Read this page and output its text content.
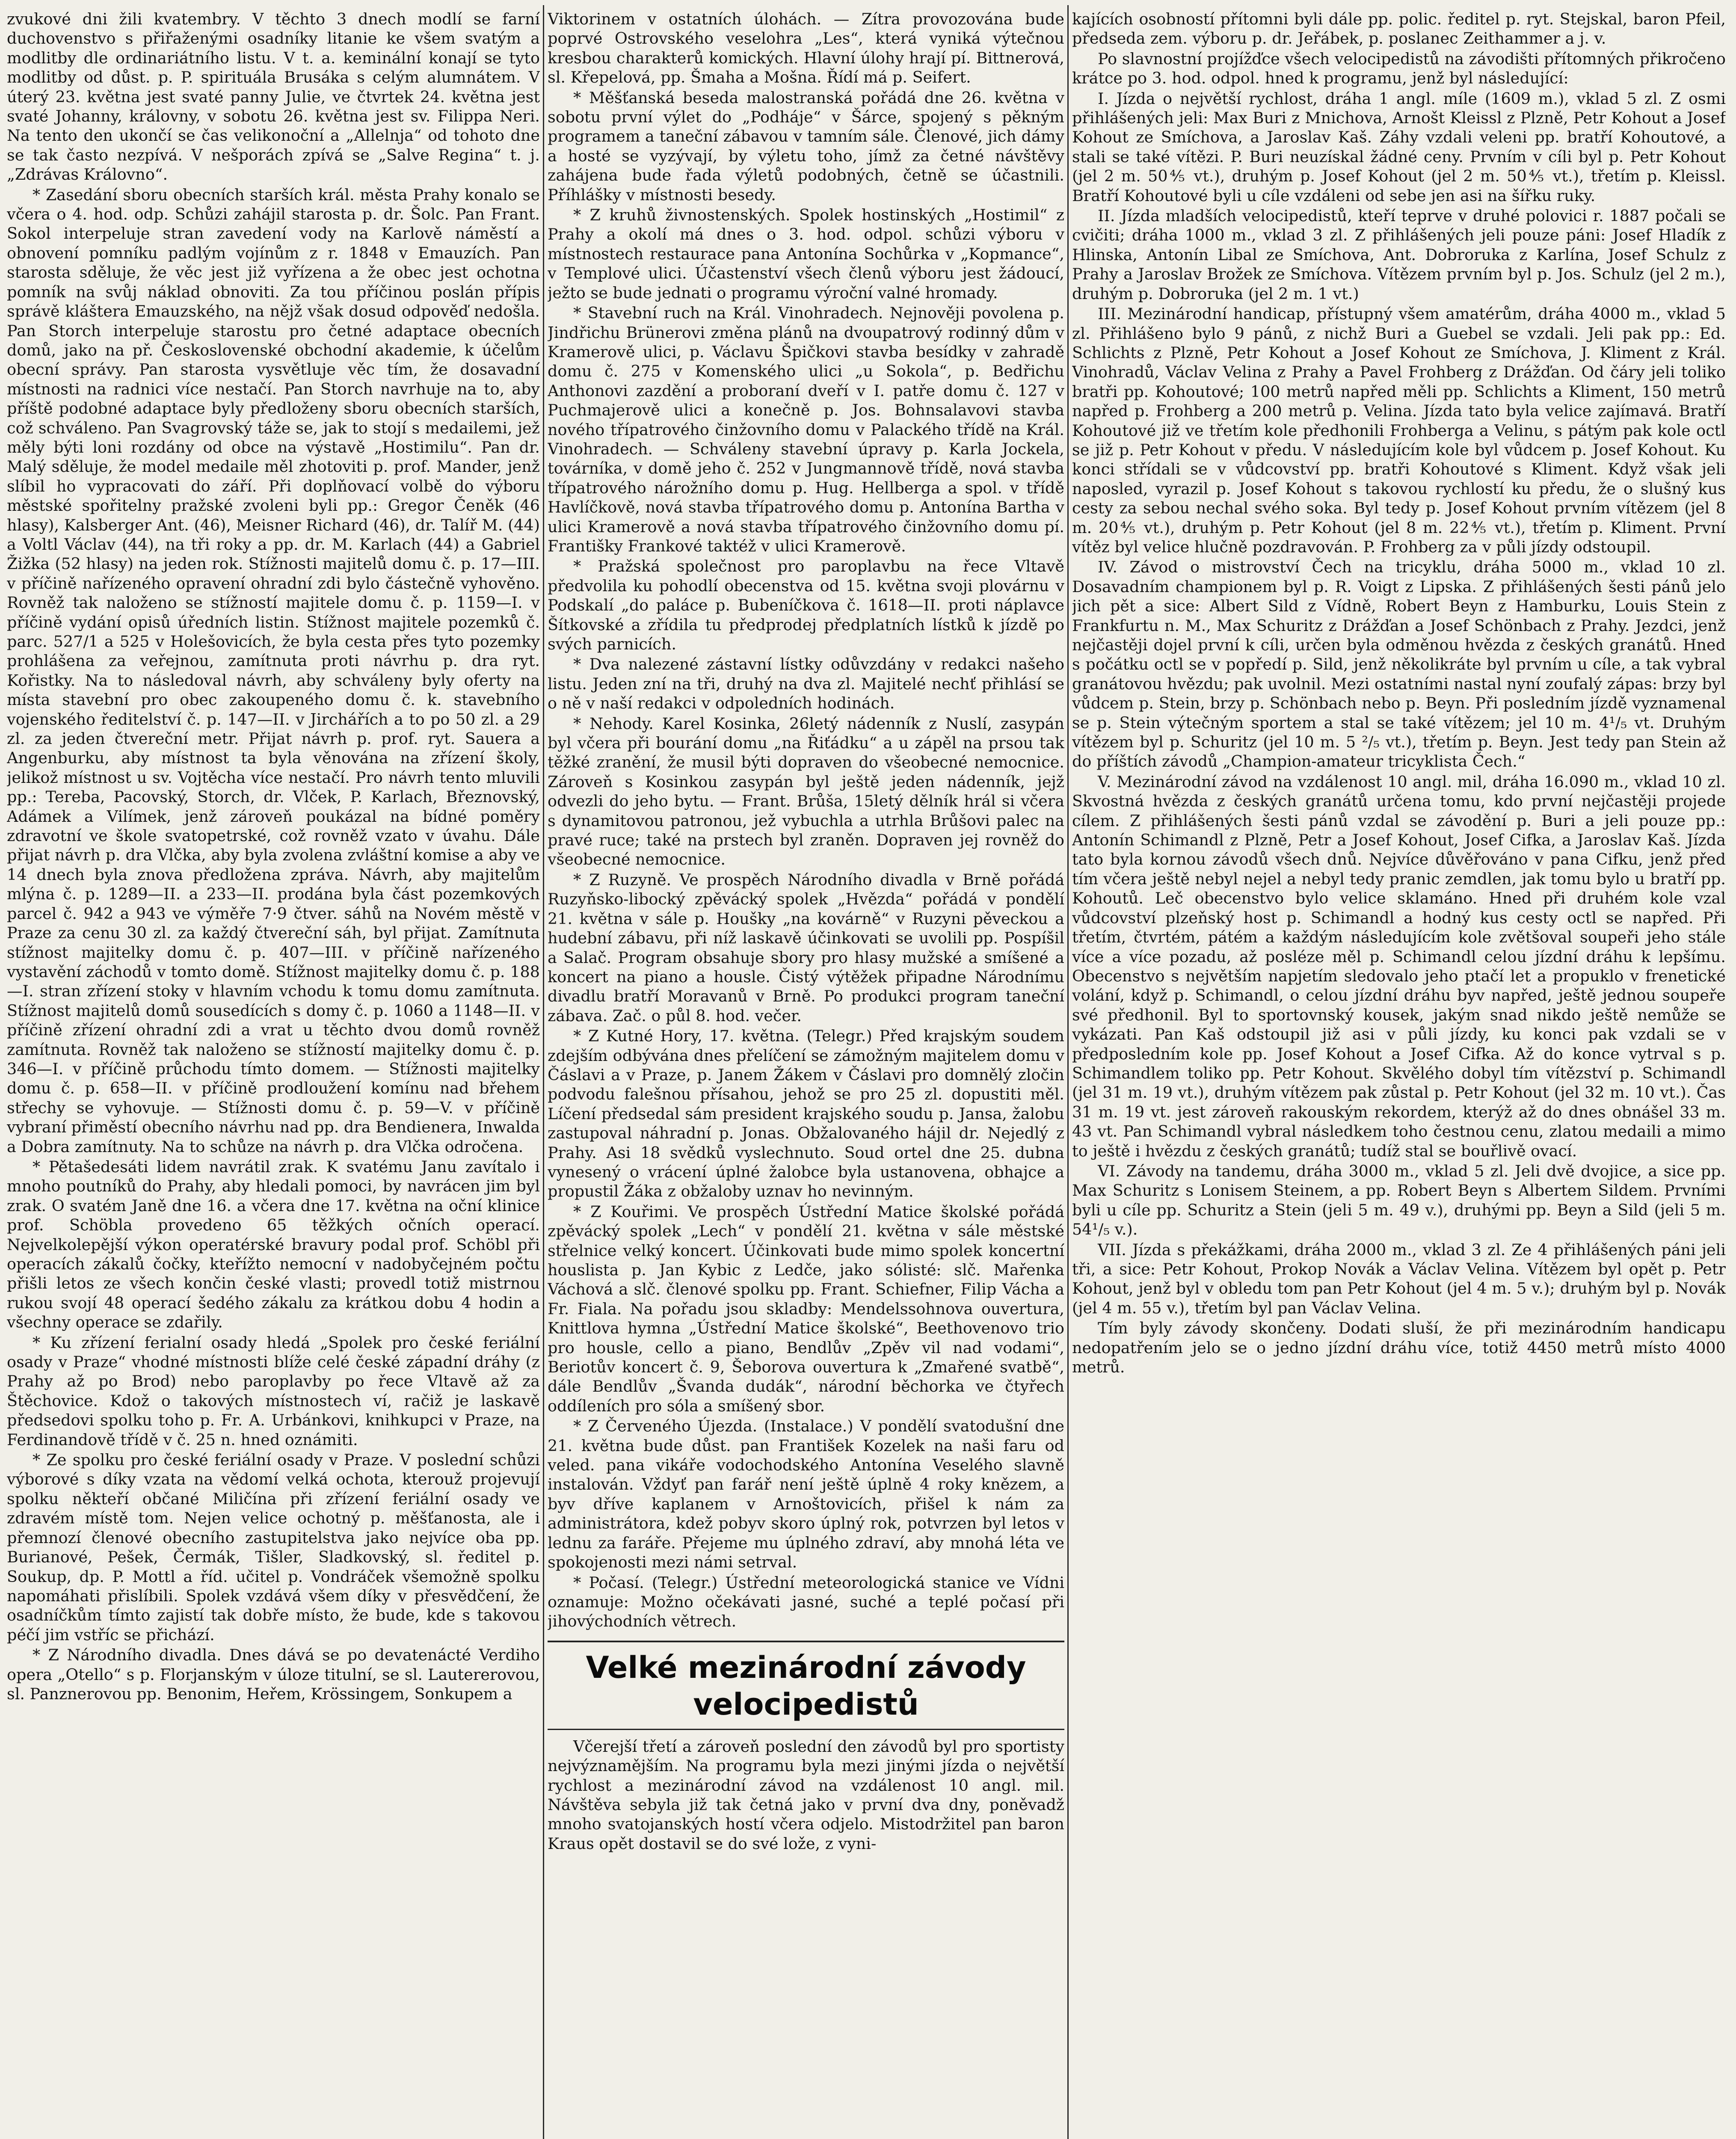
zvukové dni žili kvatembry. V těchto 3 dnech modlí se farní duchovenstvo s přiřaženými osadníky litanie ke všem svatým a modlitby dle ordinariátního listu. V t. a. keminální konají se tyto modlitby od důst. p. P. spirituála Brusáka s celým alumnátem. V úterý 23. května jest svaté panny Julie, ve čtvrtek 24. května jest svaté Johanny, královny, v sobotu 26. května jest sv. Filippa Neri. Na tento den ukončí se čas velikonoční a „Allelnja“ od tohoto dne se tak často nezpívá. V nešporách zpívá se „Salve Regina“ t. j. „Zdrávas Královno“.

* Zasedání sboru obecních starších král. města Prahy konalo se včera o 4. hod. odp. Schůzi zahájil starosta p. dr. Šolc. Pan Frant. Sokol interpeluje stran zavedení vody na Karlově náměstí a obnovení pomníku padlým vojínům z r. 1848 v Emauzích. Pan starosta sděluje, že věc jest již vyřízena a že obec jest ochotna pomník na svůj náklad obnoviti. Za tou příčinou poslán přípis správě kláštera Emauzského, na nějž však dosud odpověď nedošla. Pan Storch interpeluje starostu pro četné adaptace obecních domů, jako na př. Československé obchodní akademie, k účelům obecní správy. Pan starosta vysvětluje věc tím, že dosavadní místnosti na radnici více nestačí. Pan Storch navrhuje na to, aby příště podobné adaptace byly předloženy sboru obecních starších, což schváleno. Pan Svagrovský táže se, jak to stojí s medailemi, jež měly býti loni rozdány od obce na výstavě „Hostimilu“. Pan dr. Malý sděluje, že model medaile měl zhotoviti p. prof. Mander, jenž slíbil ho vypracovati do září. Při doplňovací volbě do výboru městské spořitelny pražské zvoleni byli pp.: Gregor Čeněk (46 hlasy), Kalsberger Ant. (46), Meisner Richard (46), dr. Talíř M. (44) a Voltl Václav (44), na tři roky a pp. dr. M. Karlach (44) a Gabriel Žižka (52 hlasy) na jeden rok. Stížnosti majitelů domu č. p. 17—III. v příčině nařízeného opravení ohradní zdi bylo částečně vyhověno. Rovněž tak naloženo se stížností majitele domu č. p. 1159—I. v příčině vydání opisů úředních listin. Stížnost majitele pozemků č. parc. 527/1 a 525 v Holešovicích, že byla cesta přes tyto pozemky prohlášena za veřejnou, zamítnuta proti návrhu p. dra ryt. Kořistky. Na to následoval návrh, aby schváleny byly oferty na místa stavební pro obec zakoupeného domu č. k. stavebního vojenského ředitelství č. p. 147—II. v Jirchářích a to po 50 zl. a 29 zl. za jeden čtvereční metr. Přijat návrh p. prof. ryt. Sauera a Angenburku, aby místnost ta byla věnována na zřízení školy, jelikož místnost u sv. Vojtěcha více nestačí. Pro návrh tento mluvili pp.: Tereba, Pacovský, Storch, dr. Vlček, P. Karlach, Březnovský, Adámek a Vilímek, jenž zároveň poukázal na bídné poměry zdravotní ve škole svatopetrské, což rovněž vzato v úvahu. Dále přijat návrh p. dra Vlčka, aby byla zvolena zvláštní komise a aby ve 14 dnech byla znova předložena zpráva. Návrh, aby majitelům mlýna č. p. 1289—II. a 233—II. prodána byla část pozemkových parcel č. 942 a 943 ve výměře 7·9 čtver. sáhů na Novém městě v Praze za cenu 30 zl. za každý čtvereční sáh, byl přijat. Zamítnuta stížnost majitelky domu č. p. 407—III. v příčině nařízeného vystavění záchodů v tomto domě. Stížnost majitelky domu č. p. 188—I. stran zřízení stoky v hlavním vchodu k tomu domu zamítnuta. Stížnost majitelů domů sousedících s domy č. p. 1060 a 1148—II. v příčině zřízení ohradní zdi a vrat u těchto dvou domů rovněž zamítnuta. Rovněž tak naloženo se stížností majitelky domu č. p. 346—I. v příčině průchodu tímto domem. — Stížnosti majitelky domu č. p. 658—II. v příčině prodloužení komínu nad břehem střechy se vyhovuje. — Stížnosti domu č. p. 59—V. v příčině vybraní přiměstí obecního návrhu nad pp. dra Bendienera, Inwalda a Dobra zamítnuty. Na to schůze na návrh p. dra Vlčka odročena.

* Pětašedesáti lidem navrátil zrak. K svatému Janu zavítalo i mnoho poutníků do Prahy, aby hledali pomoci, by navrácen jim byl zrak. O svatém Janě dne 16. a včera dne 17. května na oční klinice prof. Schöbla provedeno 65 těžkých očních operací. Nejvelkolepější výkon operatérské bravury podal prof. Schöbl při operacích zákalů čočky, kteřížto nemocní v nadobyčejném počtu přišli letos ze všech končin české vlasti; provedl totiž mistrnou rukou svojí 48 operací šedého zákalu za krátkou dobu 4 hodin a všechny operace se zdařily.

* Ku zřízení ferialní osady hledá „Spolek pro české feriální osady v Praze“ vhodné místnosti blíže celé české západní dráhy (z Prahy až po Brod) nebo paroplavby po řece Vltavě až za Štěchovice. Kdož o takových místnostech ví, račiž je laskavě předsedovi spolku toho p. Fr. A. Urbánkovi, knihkupci v Praze, na Ferdinandově třídě v č. 25 n. hned oznámiti.

* Ze spolku pro české feriální osady v Praze. V poslední schůzi výborové s díky vzata na vědomí velká ochota, kterouž projevují spolku někteří občané Miličína při zřízení feriální osady ve zdravém místě tom. Nejen velice ochotný p. měšťanosta, ale i přemnozí členové obecního zastupitelstva jako nejvíce oba pp. Burianové, Pešek, Čermák, Tišler, Sladkovský, sl. ředitel p. Soukup, dp. P. Mottl a říd. učitel p. Vondráček všemožně spolku napomáhati přislíbili. Spolek vzdává všem díky v přesvědčení, že osadníčkům tímto zajistí tak dobře místo, že bude, kde s takovou péčí jim vstříc se přichází.

* Z Národního divadla. Dnes dává se po devatenácté Verdiho opera „Otello“ s p. Florjanským v úloze titulní, se sl. Lautererovou, sl. Panznerovou pp. Benonim, Heřem, Krössingem, Sonkupem a

Viktorinem v ostatních úlohách. — Zítra provozována bude poprvé Ostrovského veselohra „Les“, která vyniká výtečnou kresbou charakterů komických. Hlavní úlohy hrají pí. Bittnerová, sl. Křepelová, pp. Šmaha a Mošna. Řídí má p. Seifert.

* Měšťanská beseda malostranská pořádá dne 26. května v sobotu první výlet do „Podháje“ v Šárce, spojený s pěkným programem a taneční zábavou v tamním sále. Členové, jich dámy a hosté se vyzývají, by výletu toho, jímž za četné návštěvy zahájena bude řada výletů podobných, četně se účastnili. Příhlášky v místnosti besedy.

* Z kruhů živnostenských. Spolek hostinských „Hostimil“ z Prahy a okolí má dnes o 3. hod. odpol. schůzi výboru v místnostech restaurace pana Antonína Sochůrka v „Kopmance“, v Templové ulici. Účastenství všech členů výboru jest žádoucí, ježto se bude jednati o programu výroční valné hromady.

* Stavební ruch na Král. Vinohradech. Nejnověji povolena p. Jindřichu Brünerovi změna plánů na dvoupatrový rodinný dům v Kramerově ulici, p. Václavu Špičkovi stavba besídky v zahradě domu č. 275 v Komenského ulici „u Sokola“, p. Bedřichu Anthonovi zazdění a proboraní dveří v I. patře domu č. 127 v Puchmajerově ulici a konečně p. Jos. Bohnsalavovi stavba nového třípatrového činžovního domu v Palackého třídě na Král. Vinohradech. — Schváleny stavební úpravy p. Karla Jockela, továrníka, v domě jeho č. 252 v Jungmannově třídě, nová stavba třípatrového nárožního domu p. Hug. Hellberga a spol. v třídě Havlíčkově, nová stavba třípatrového domu p. Antonína Bartha v ulici Kramerově a nová stavba třípatrového činžovního domu pí. Františky Frankové taktéž v ulici Kramerově.

* Pražská společnost pro paroplavbu na řece Vltavě předvolila ku pohodlí obecenstva od 15. května svoji plovárnu v Podskalí „do paláce p. Bubeníčkova č. 1618—II. proti náplavce Šítkovské a zřídila tu předprodej předplatních lístků k jízdě po svých parnicích.

* Dva nalezené zástavní lístky odůvzdány v redakci našeho listu. Jeden zní na tři, druhý na dva zl. Majitelé nechť přihlásí se o ně v naší redakci v odpoledních hodinách.

* Nehody. Karel Kosinka, 26letý nádenník z Nuslí, zasypán byl včera při bourání domu „na Řiťádku“ a u zápěl na prsou tak těžké zranění, že musil býti dopraven do všeobecné nemocnice. Zároveň s Kosinkou zasypán byl ještě jeden nádenník, jejž odvezli do jeho bytu. — Frant. Brůša, 15letý dělník hrál si včera s dynamitovou patronou, jež vybuchla a utrhla Brůšovi palec na pravé ruce; také na prstech byl zraněn. Dopraven jej rovněž do všeobecné nemocnice.

* Z Ruzyně. Ve prospěch Národního divadla v Brně pořádá Ruzyňsko-libocký zpěvácký spolek „Hvězda“ pořádá v pondělí 21. května v sále p. Houšky „na kovárně“ v Ruzyni pěveckou a hudební zábavu, při níž laskavě účinkovati se uvolili pp. Pospíšil a Salač. Program obsahuje sbory pro hlasy mužské a smíšené a koncert na piano a housle. Čistý výtěžek připadne Národnímu divadlu bratří Moravanů v Brně. Po produkci program taneční zábava. Zač. o půl 8. hod. večer.

* Z Kutné Hory, 17. května. (Telegr.) Před krajským soudem zdejším odbývána dnes přelíčení se zámožným majitelem domu v Čáslavi a v Praze, p. Janem Žákem v Čáslavi pro domnělý zločin podvodu falešnou přísahou, jehož se pro 25 zl. dopustiti měl. Líčení předsedal sám president krajského soudu p. Jansa, žalobu zastupoval náhradní p. Jonas. Obžalovaného hájil dr. Nejedlý z Prahy. Asi 18 svědků vyslechnuto. Soud ortel dne 25. dubna vynesený o vrácení úplné žalobce byla ustanovena, obhajce a propustil Žáka z obžaloby uznav ho nevinným.

* Z Kouřimi. Ve prospěch Ústřední Matice školské pořádá zpěvácký spolek „Lech“ v pondělí 21. května v sále městské střelnice velký koncert. Účinkovati bude mimo spolek koncertní houslista p. Jan Kybic z Ledče, jako sólisté: slč. Mařenka Váchová a slč. členové spolku pp. Frant. Schiefner, Filip Vácha a Fr. Fiala. Na pořadu jsou skladby: Mendelssohnova ouvertura, Knittlova hymna „Ústřední Matice školské“, Beethovenovo trio pro housle, cello a piano, Bendlův „Zpěv vil nad vodami“, Beriotův koncert č. 9, Šeborova ouvertura k „Zmařené svatbě“, dále Bendlův „Švanda dudák“, národní běchorka ve čtyřech oddíleních pro sóla a smíšený sbor.

* Z Červeného Újezda. (Instalace.) V pondělí svatodušní dne 21. května bude důst. pan František Kozelek na naši faru od veled. pana vikáře vodochodského Antonína Veselého slavně instalován. Vždyť pan farář není ještě úplně 4 roky knězem, a byv dříve kaplanem v Arnoštovicích, přišel k nám za administrátora, kdež pobyv skoro úplný rok, potvrzen byl letos v lednu za faráře. Přejeme mu úplného zdraví, aby mnohá léta ve spokojenosti mezi námi setrval.

* Počasí. (Telegr.) Ústřední meteorologická stanice ve Vídni oznamuje: Možno očekávati jasné, suché a teplé počasí při jihovýchodních větrech.

Velké mezinárodní závody velocipedistů

Včerejší třetí a zároveň poslední den závodů byl pro sportisty nejvýznamějším. Na programu byla mezi jinými jízda o největší rychlost a mezinárodní závod na vzdálenost 10 angl. mil. Návštěva sebyla již tak četná jako v první dva dny, poněvadž mnoho svatojanských hostí včera odjelo. Mistodržitel pan baron Kraus opět dostavil se do své lože, z vyni-

kajících osobností přítomni byli dále pp. polic. ředitel p. ryt. Stejskal, baron Pfeil, předseda zem. výboru p. dr. Jeřábek, p. poslanec Zeithammer a j. v.

Po slavnostní projížďce všech velocipedistů na závodišti přítomných přikročeno krátce po 3. hod. odpol. hned k programu, jenž byl následující:

I. Jízda o největší rychlost, dráha 1 angl. míle (1609 m.), vklad 5 zl. Z osmi přihlášených jeli: Max Buri z Mnichova, Arnošt Kleissl z Plzně, Petr Kohout a Josef Kohout ze Smíchova, a Jaroslav Kaš. Záhy vzdali veleni pp. bratří Kohoutové, a stali se také vítězi. P. Buri neuzískal žádné ceny. Prvním v cíli byl p. Petr Kohout (jel 2 m. 50⅘ vt.), druhým p. Josef Kohout (jel 2 m. 50⅘ vt.), třetím p. Kleissl. Bratří Kohoutové byli u cíle vzdáleni od sebe jen asi na šířku ruky.

II. Jízda mladších velocipedistů, kteří teprve v druhé polovici r. 1887 počali se cvičiti; dráha 1000 m., vklad 3 zl. Z přihlášených jeli pouze páni: Josef Hladík z Hlinska, Antonín Libal ze Smíchova, Ant. Dobroruka z Karlína, Josef Schulz z Prahy a Jaroslav Brožek ze Smíchova. Vítězem prvním byl p. Jos. Schulz (jel 2 m.), druhým p. Dobroruka (jel 2 m. 1 vt.)

III. Mezinárodní handicap, přístupný všem amatérům, dráha 4000 m., vklad 5 zl. Přihlášeno bylo 9 pánů, z nichž Buri a Guebel se vzdali. Jeli pak pp.: Ed. Schlichts z Plzně, Petr Kohout a Josef Kohout ze Smíchova, J. Kliment z Král. Vinohradů, Václav Velina z Prahy a Pavel Frohberg z Drážďan. Od čáry jeli toliko bratři pp. Kohoutové; 100 metrů napřed měli pp. Schlichts a Kliment, 150 metrů napřed p. Frohberg a 200 metrů p. Velina. Jízda tato byla velice zajímavá. Bratří Kohoutové již ve třetím kole předhonili Frohberga a Velinu, s pátým pak kole octl se již p. Petr Kohout v předu. V následujícím kole byl vůdcem p. Josef Kohout. Ku konci střídali se v vůdcovství pp. bratři Kohoutové s Kliment. Když však jeli naposled, vyrazil p. Josef Kohout s takovou rychlostí ku předu, že o slušný kus cesty za sebou nechal svého soka. Byl tedy p. Josef Kohout prvním vítězem (jel 8 m. 20⅘ vt.), druhým p. Petr Kohout (jel 8 m. 22⅘ vt.), třetím p. Kliment. První vítěz byl velice hlučně pozdravován. P. Frohberg za v půli jízdy odstoupil.

IV. Závod o mistrovství Čech na tricyklu, dráha 5000 m., vklad 10 zl. Dosavadním championem byl p. R. Voigt z Lipska. Z přihlášených šesti pánů jelo jich pět a sice: Albert Sild z Vídně, Robert Beyn z Hamburku, Louis Stein z Frankfurtu n. M., Max Schuritz z Drážďan a Josef Schönbach z Prahy. Jezdci, jenž nejčastěji dojel první k cíli, určen byla odměnou hvězda z českých granátů. Hned s počátku octl se v popředí p. Sild, jenž několikráte byl prvním u cíle, a tak vybral granátovou hvězdu; pak uvolnil. Mezi ostatními nastal nyní zoufalý zápas: brzy byl vůdcem p. Stein, brzy p. Schönbach nebo p. Beyn. Při posledním jízdě vyznamenal se p. Stein výtečným sportem a stal se také vítězem; jel 10 m. 4¹/₅ vt. Druhým vítězem byl p. Schuritz (jel 10 m. 5 ²/₅ vt.), třetím p. Beyn. Jest tedy pan Stein až do příštích závodů „Champion-amateur tricyklista Čech.“

V. Mezinárodní závod na vzdálenost 10 angl. mil, dráha 16.090 m., vklad 10 zl. Skvostná hvězda z českých granátů určena tomu, kdo první nejčastěji projede cílem. Z přihlášených šesti pánů vzdal se závodění p. Buri a jeli pouze pp.: Antonín Schimandl z Plzně, Petr a Josef Kohout, Josef Cifka, a Jaroslav Kaš. Jízda tato byla kornou závodů všech dnů. Nejvíce důvěřováno v pana Cifku, jenž před tím včera ještě nebyl nejel a nebyl tedy pranic zemdlen, jak tomu bylo u bratří pp. Kohoutů. Leč obecenstvo bylo velice sklamáno. Hned při druhém kole vzal vůdcovství plzeňský host p. Schimandl a hodný kus cesty octl se napřed. Při třetím, čtvrtém, pátém a každým následujícím kole zvětšoval soupeři jeho stále více a více pozadu, až posléze měl p. Schimandl celou jízdní dráhu k lepšímu. Obecenstvo s největším napjetím sledovalo jeho ptačí let a propuklo v frenetické volání, když p. Schimandl, o celou jízdní dráhu byv napřed, ještě jednou soupeře své předhonil. Byl to sportovnský kousek, jakým snad nikdo ještě nemůže se vykázati. Pan Kaš odstoupil již asi v půli jízdy, ku konci pak vzdali se v předposledním kole pp. Josef Kohout a Josef Cifka. Až do konce vytrval s p. Schimandlem toliko pp. Petr Kohout. Skvělého dobyl tím vítězství p. Schimandl (jel 31 m. 19 vt.), druhým vítězem pak zůstal p. Petr Kohout (jel 32 m. 10 vt.). Čas 31 m. 19 vt. jest zároveň rakouským rekordem, kterýž až do dnes obnášel 33 m. 43 vt. Pan Schimandl vybral následkem toho čestnou cenu, zlatou medaili a mimo to ještě i hvězdu z českých granátů; tudíž stal se bouřlivě ovací.

VI. Závody na tandemu, dráha 3000 m., vklad 5 zl. Jeli dvě dvojice, a sice pp. Max Schuritz s Lonisem Steinem, a pp. Robert Beyn s Albertem Sildem. Prvními byli u cíle pp. Schuritz a Stein (jeli 5 m. 49 v.), druhými pp. Beyn a Sild (jeli 5 m. 54¹/₅ v.).

VII. Jízda s překážkami, dráha 2000 m., vklad 3 zl. Ze 4 přihlášených páni jeli tři, a sice: Petr Kohout, Prokop Novák a Václav Velina. Vítězem byl opět p. Petr Kohout, jenž byl v obledu tom pan Petr Kohout (jel 4 m. 5 v.); druhým byl p. Novák (jel 4 m. 55 v.), třetím byl pan Václav Velina.

Tím byly závody skončeny. Dodati sluší, že při mezinárodním handicapu nedopatřením jelo se o jedno jízdní dráhu více, totiž 4450 metrů místo 4000 metrů.
